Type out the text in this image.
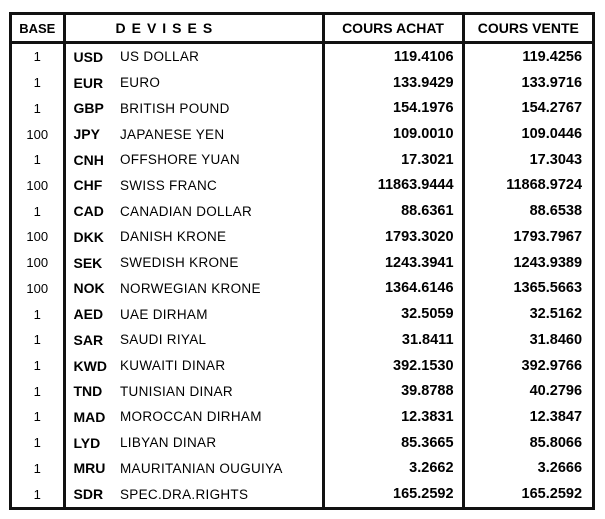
BASE	DEVISES		COURS ACHAT	COURS VENTE
1	USD	US DOLLAR	119.4106	119.4256
1	EUR	EURO	133.9429	133.9716
1	GBP	BRITISH POUND	154.1976	154.2767
100	JPY	JAPANESE YEN	109.0010	109.0446
1	CNH	OFFSHORE YUAN	17.3021	17.3043
100	CHF	SWISS FRANC	11863.9444	11868.9724
1	CAD	CANADIAN DOLLAR	88.6361	88.6538
100	DKK	DANISH KRONE	1793.3020	1793.7967
100	SEK	SWEDISH KRONE	1243.3941	1243.9389
100	NOK	NORWEGIAN KRONE	1364.6146	1365.5663
1	AED	UAE DIRHAM	32.5059	32.5162
1	SAR	SAUDI RIYAL	31.8411	31.8460
1	KWD	KUWAITI DINAR	392.1530	392.9766
1	TND	TUNISIAN DINAR	39.8788	40.2796
1	MAD	MOROCCAN DIRHAM	12.3831	12.3847
1	LYD	LIBYAN DINAR	85.3665	85.8066
1	MRU	MAURITANIAN OUGUIYA	3.2662	3.2666
1	SDR	SPEC.DRA.RIGHTS	165.2592	165.2592
